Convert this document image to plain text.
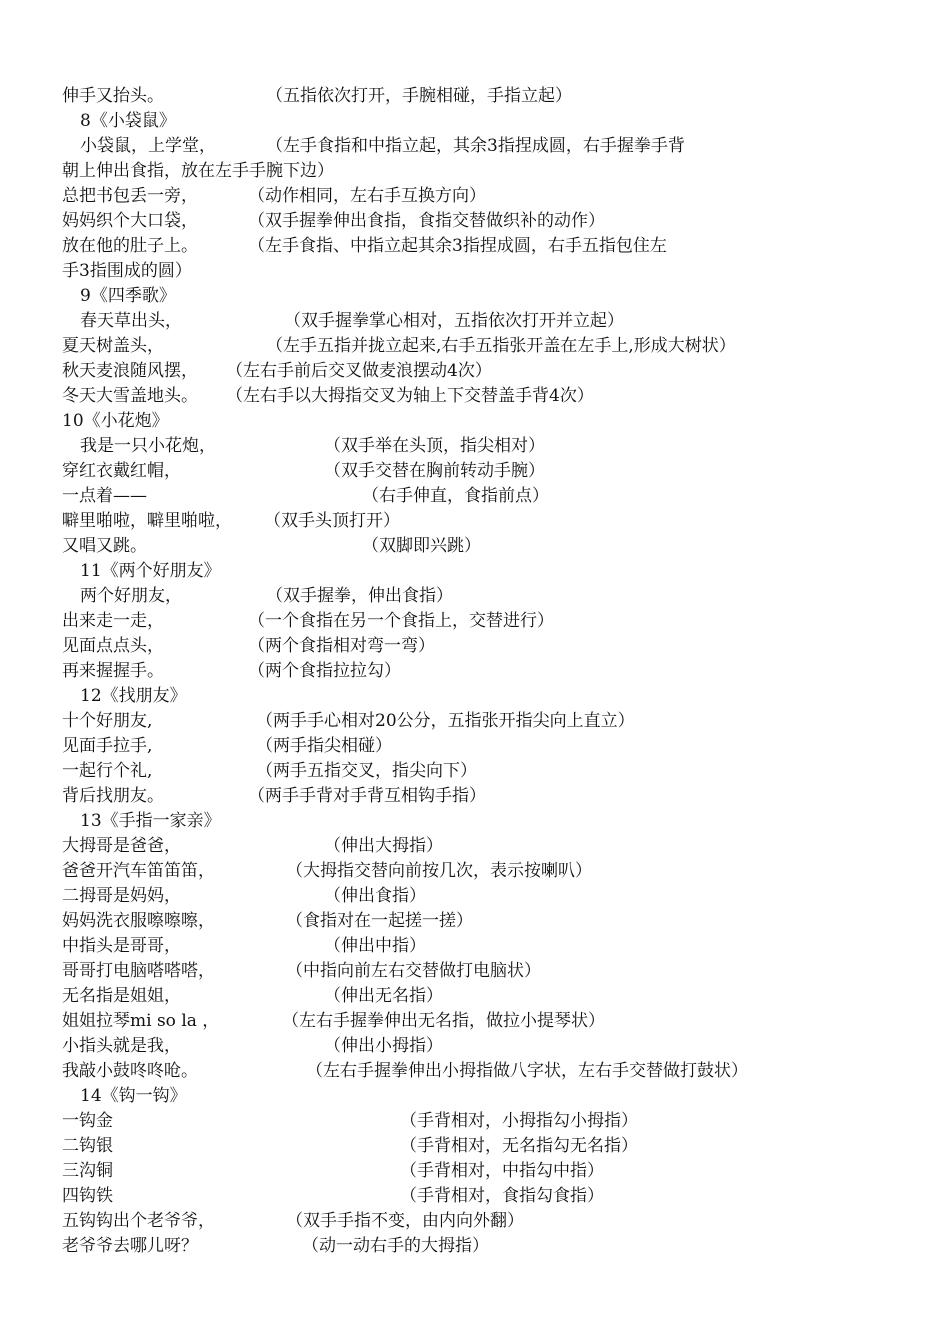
伸手又抬头。	（五指依次打开，手腕相碰，手指立起）
8《小袋鼠》
小袋鼠，上学堂，	（左手食指和中指立起，其余3指捏成圆，右手握拳手背
朝上伸出食指，放在左手手腕下边）
总把书包丢一旁，	（动作相同，左右手互换方向）
妈妈织个大口袋，	（双手握拳伸出食指，食指交替做织补的动作）
放在他的肚子上。	（左手食指、中指立起其余3指捏成圆，右手五指包住左
手3指围成的圆）
9《四季歌》
春天草出头，	（双手握拳掌心相对，五指依次打开并立起）
夏天树盖头，	（左手五指并拢立起来,右手五指张开盖在左手上,形成大树状）
秋天麦浪随风摆， （左右手前后交叉做麦浪摆动4次）
冬天大雪盖地头。 （左右手以大拇指交叉为轴上下交替盖手背4次）
10《小花炮》
我是一只小花炮，	（双手举在头顶，指尖相对）
穿红衣戴红帽，	（双手交替在胸前转动手腕）
一点着——	（右手伸直，食指前点）
噼里啪啦，噼里啪啦， （双手头顶打开）
又唱又跳。	（双脚即兴跳）
11《两个好朋友》
两个好朋友，	（双手握拳，伸出食指）
出来走一走，	（一个食指在另一个食指上，交替进行）
见面点点头，	（两个食指相对弯一弯）
再来握握手。	（两个食指拉拉勾）
12《找朋友》
十个好朋友,	（两手手心相对20公分，五指张开指尖向上直立）
见面手拉手,	（两手指尖相碰）
一起行个礼,	（两手五指交叉，指尖向下）
背后找朋友。	（两手手背对手背互相钩手指）
13《手指一家亲》
大拇哥是爸爸，	（伸出大拇指）
爸爸开汽车笛笛笛，	（大拇指交替向前按几次，表示按喇叭）
二拇哥是妈妈，	（伸出食指）
妈妈洗衣服嚓嚓嚓，	（食指对在一起搓一搓）
中指头是哥哥，	（伸出中指）
哥哥打电脑嗒嗒嗒，	（中指向前左右交替做打电脑状）
无名指是姐姐，	（伸出无名指）
姐姐拉琴mi so la ，	（左右手握拳伸出无名指，做拉小提琴状）
小指头就是我，	（伸出小拇指）
我敲小鼓咚咚呛。	（左右手握拳伸出小拇指做八字状，左右手交替做打鼓状）
14《钩一钩》
一钩金	（手背相对，小拇指勾小拇指）
二钩银	（手背相对，无名指勾无名指）
三沟铜	（手背相对，中指勾中指）
四钩铁	（手背相对，食指勾食指）
五钩钩出个老爷爷，	（双手手指不变，由内向外翻）
老爷爷去哪儿呀？	（动一动右手的大拇指）
